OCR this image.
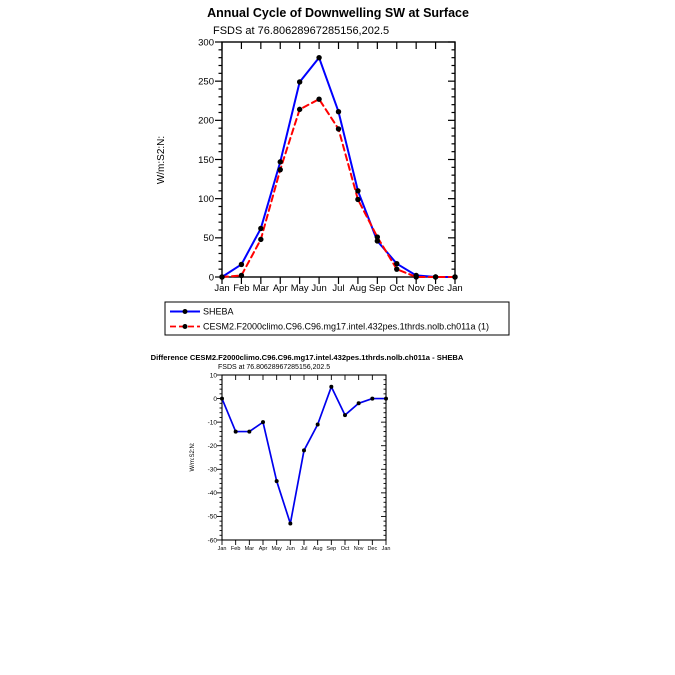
Annual Cycle of Downwelling SW at Surface
FSDS at 76.80628967285156,202.5
W/m:S2:N:
Jan Feb Mar Apr May Jun Jul Aug Sep Oct Nov Dec Jan
0
50
100
150
200
250
300
SHEBA
CESM2.F2000climo.C96.C96.mg17.intel.432pes.1thrds.nolb.ch011a (1)
Difference CESM2.F2000climo.C96.C96.mg17.intel.432pes.1thrds.nolb.ch011a - SHEBA
FSDS at 76.80628967285156,202.5
W/m:S2:N:
Jan Feb Mar Apr May Jun Jul Aug Sep Oct Nov Dec Jan
-60
-50
-40
-30
-20
-10
0
10
